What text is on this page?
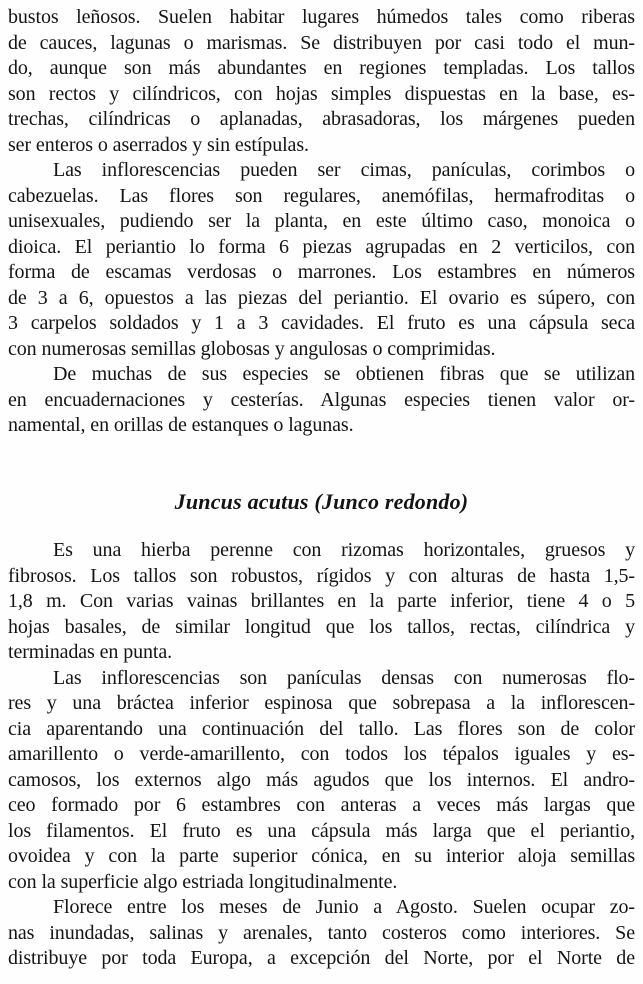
bustos leñosos. Suelen habitar lugares húmedos tales como riberas
de cauces, lagunas o marismas. Se distribuyen por casi todo el mun-
do, aunque son más abundantes en regiones templadas. Los tallos
son rectos y cilíndricos, con hojas simples dispuestas en la base, es-
trechas, cilíndricas o aplanadas, abrasadoras, los márgenes pueden
ser enteros o aserrados y sin estípulas.
Las inflorescencias pueden ser cimas, panículas, corimbos o
cabezuelas. Las flores son regulares, anemófilas, hermafroditas o
unisexuales, pudiendo ser la planta, en este último caso, monoica o
dioica. El periantio lo forma 6 piezas agrupadas en 2 verticilos, con
forma de escamas verdosas o marrones. Los estambres en números
de 3 a 6, opuestos a las piezas del periantio. El ovario es súpero, con
3 carpelos soldados y 1 a 3 cavidades. El fruto es una cápsula seca
con numerosas semillas globosas y angulosas o comprimidas.
De muchas de sus especies se obtienen fibras que se utilizan
en encuadernaciones y cesterías. Algunas especies tienen valor or-
namental, en orillas de estanques o lagunas.
Juncus acutus (Junco redondo)
Es una hierba perenne con rizomas horizontales, gruesos y
fibrosos. Los tallos son robustos, rígidos y con alturas de hasta 1,5-
1,8 m. Con varias vainas brillantes en la parte inferior, tiene 4 o 5
hojas basales, de similar longitud que los tallos, rectas, cilíndrica y
terminadas en punta.
Las inflorescencias son panículas densas con numerosas flo-
res y una bráctea inferior espinosa que sobrepasa a la inflorescen-
cia aparentando una continuación del tallo. Las flores son de color
amarillento o verde-amarillento, con todos los tépalos iguales y es-
camosos, los externos algo más agudos que los internos. El andro-
ceo formado por 6 estambres con anteras a veces más largas que
los filamentos. El fruto es una cápsula más larga que el periantio,
ovoidea y con la parte superior cónica, en su interior aloja semillas
con la superficie algo estriada longitudinalmente.
Florece entre los meses de Junio a Agosto. Suelen ocupar zo-
nas inundadas, salinas y arenales, tanto costeros como interiores. Se
distribuye por toda Europa, a excepción del Norte, por el Norte de
